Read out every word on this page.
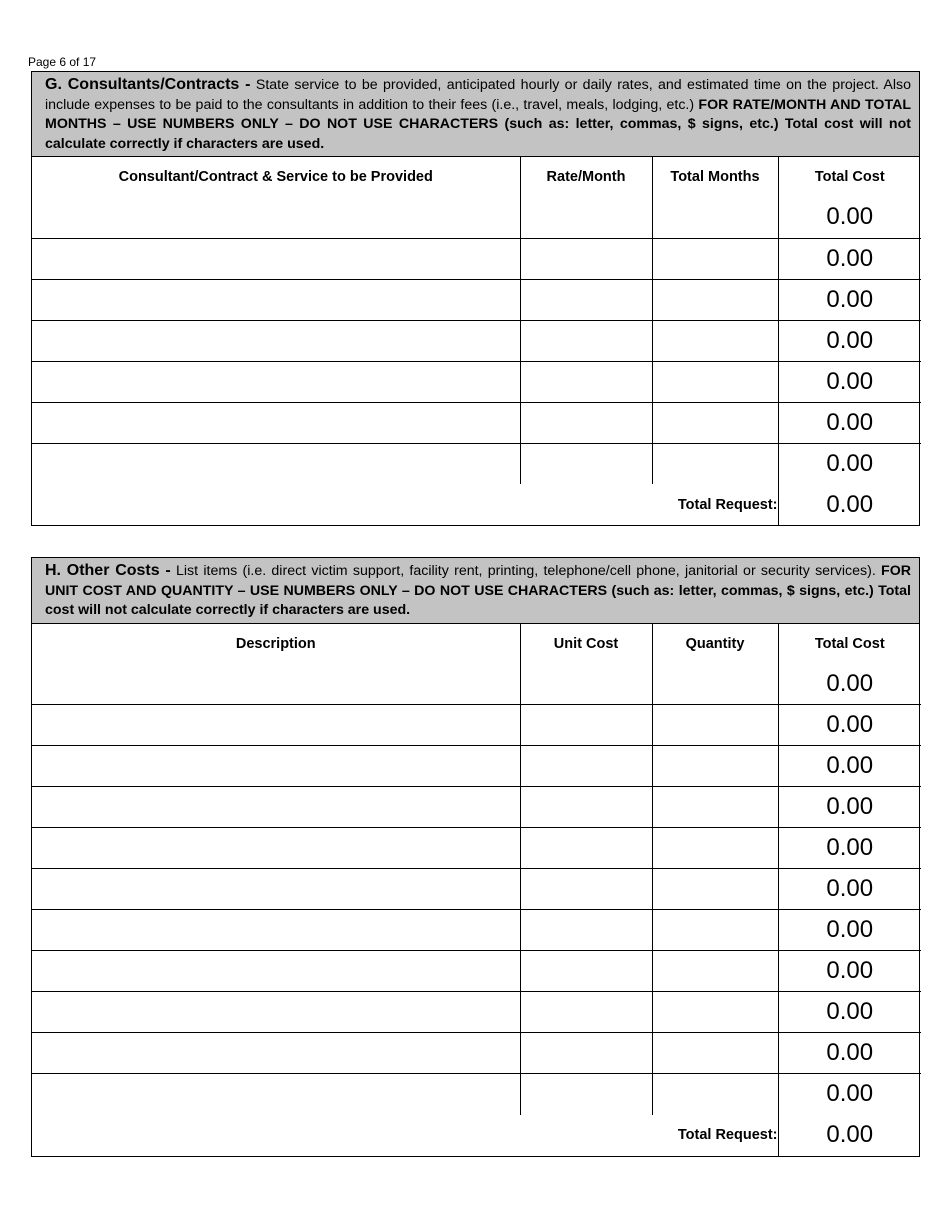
Page 6 of 17
G. Consultants/Contracts - State service to be provided, anticipated hourly or daily rates, and estimated time on the project. Also include expenses to be paid to the consultants in addition to their fees (i.e., travel, meals, lodging, etc.) FOR RATE/MONTH AND TOTAL MONTHS – USE NUMBERS ONLY – DO NOT USE CHARACTERS (such as: letter, commas, $ signs, etc.) Total cost will not calculate correctly if characters are used.
Consultant/Contract & Service to be Provided	Rate/Month	Total Months	Total Cost
			0.00
			0.00
			0.00
			0.00
			0.00
			0.00
			0.00
Total Request:			0.00
H. Other Costs - List items (i.e. direct victim support, facility rent, printing, telephone/cell phone, janitorial or security services). FOR UNIT COST AND QUANTITY – USE NUMBERS ONLY – DO NOT USE CHARACTERS (such as: letter, commas, $ signs, etc.) Total cost will not calculate correctly if characters are used.
Description	Unit Cost	Quantity	Total Cost
			0.00
			0.00
			0.00
			0.00
			0.00
			0.00
			0.00
			0.00
			0.00
			0.00
			0.00
Total Request:			0.00
